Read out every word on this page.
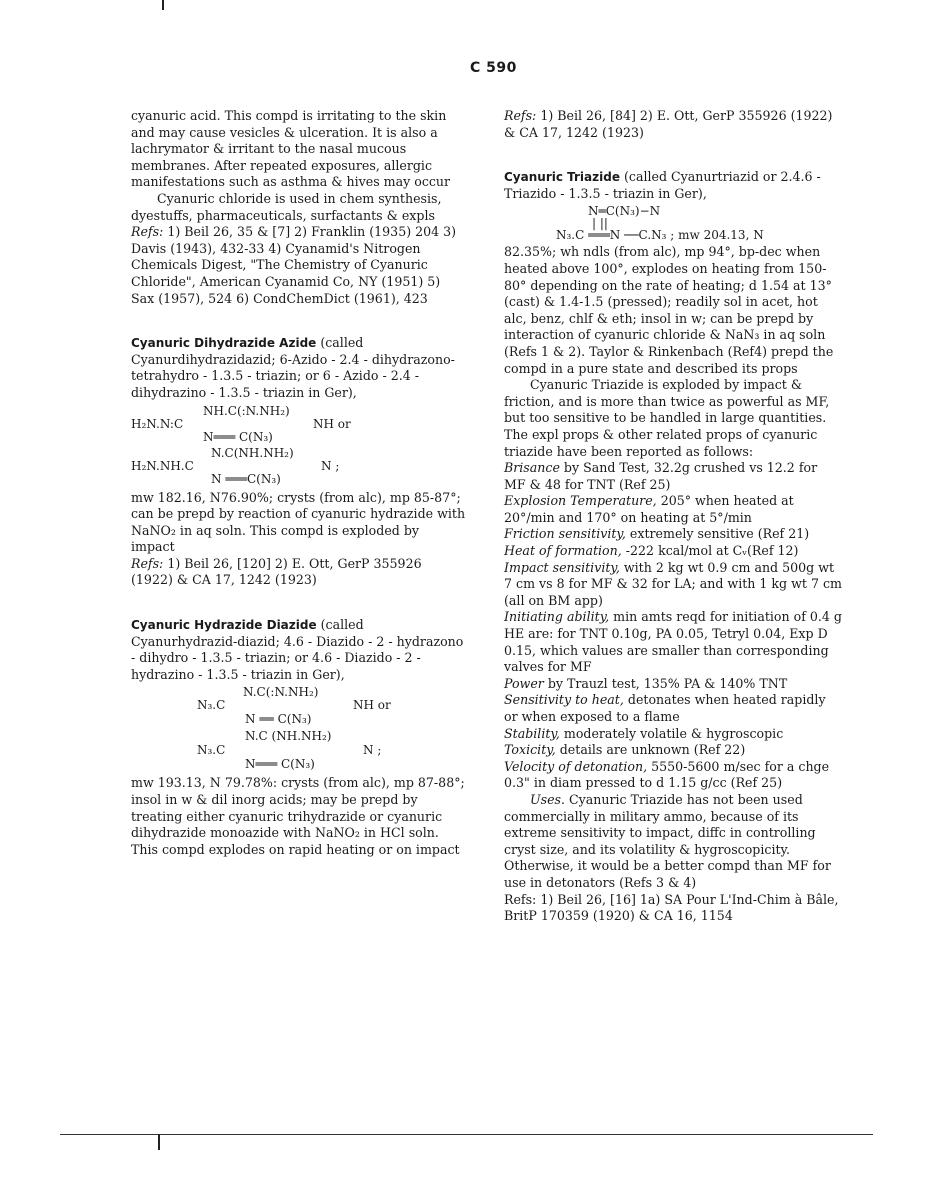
C 590

cyanuric acid. This compd is irritating to the skin and may cause vesicles & ulceration. It is also a lachrymator & irritant to the nasal mucous membranes. After repeated exposures, allergic manifestations such as asthma & hives may occur

Cyanuric chloride is used in chem synthesis, dyestuffs, pharmaceuticals, surfactants & expls

Refs: 1) Beil 26, 35 & [7] 2) Franklin (1935) 204 3) Davis (1943), 432-33 4) Cyanamid's Nitrogen Chemicals Digest, "The Chemistry of Cyanuric Chloride", American Cyanamid Co, NY (1951) 5) Sax (1957), 524 6) CondChemDict (1961), 423

Cyanuric Dihydrazide Azide (called Cyanurdihydrazidazid; 6-Azido - 2.4 - dihydrazono-tetrahydro - 1.3.5 - triazin; or 6 - Azido - 2.4 - dihydrazino - 1.3.5 - triazin in Ger),

NH.C(:N.NH₂)
H₂N.N:C	NH or
N═══ C(N₃)
N.C(NH.NH₂)
H₂N.NH.C	N ;
N ═══C(N₃)

mw 182.16, N76.90%; crysts (from alc), mp 85-87°; can be prepd by reaction of cyanuric hydrazide with NaNO₂ in aq soln. This compd is exploded by impact

Refs: 1) Beil 26, [120] 2) E. Ott, GerP 355926 (1922) & CA 17, 1242 (1923)

Cyanuric Hydrazide Diazide (called Cyanurhydrazid-diazid; 4.6 - Diazido - 2 - hydrazono - dihydro - 1.3.5 - triazin; or 4.6 - Diazido - 2 - hydrazino - 1.3.5 - triazin in Ger),

N.C(:N.NH₂)
N₃.C	NH or
N ══ C(N₃)
N.C (NH.NH₂)
N₃.C	N ;
N═══ C(N₃)

mw 193.13, N 79.78%: crysts (from alc), mp 87-88°; insol in w & dil inorg acids; may be prepd by treating either cyanuric trihydrazide or cyanuric dihydrazide monoazide with NaNO₂ in HCl soln. This compd explodes on rapid heating or on impact

Refs: 1) Beil 26, [84] 2) E. Ott, GerP 355926 (1922) & CA 17, 1242 (1923)

Cyanuric Triazide (called Cyanurtriazid or 2.4.6 -Triazido - 1.3.5 - triazin in Ger),

N═C(N₃)−N
| ||
N₃.C ═══N ──C.N₃ ; mw 204.13, N

82.35%; wh ndls (from alc), mp 94°, bp-dec when heated above 100°, explodes on heating from 150-80° depending on the rate of heating; d 1.54 at 13° (cast) & 1.4-1.5 (pressed); readily sol in acet, hot alc, benz, chlf & eth; insol in w; can be prepd by interaction of cyanuric chloride & NaN₃ in aq soln (Refs 1 & 2). Taylor & Rinkenbach (Ref4) prepd the compd in a pure state and described its props

Cyanuric Triazide is exploded by impact & friction, and is more than twice as powerful as MF, but too sensitive to be handled in large quantities. The expl props & other related props of cyanuric triazide have been reported as follows:

Brisance by Sand Test, 32.2g crushed vs 12.2 for MF & 48 for TNT (Ref 25)

Explosion Temperature, 205° when heated at 20°/min and 170° on heating at 5°/min

Friction sensitivity, extremely sensitive (Ref 21)

Heat of formation, -222 kcal/mol at Cᵥ(Ref 12)

Impact sensitivity, with 2 kg wt 0.9 cm and 500g wt 7 cm vs 8 for MF & 32 for LA; and with 1 kg wt 7 cm (all on BM app)

Initiating ability, min amts reqd for initiation of 0.4 g HE are: for TNT 0.10g, PA 0.05, Tetryl 0.04, Exp D 0.15, which values are smaller than corresponding valves for MF

Power by Trauzl test, 135% PA & 140% TNT

Sensitivity to heat, detonates when heated rapidly or when exposed to a flame

Stability, moderately volatile & hygroscopic

Toxicity, details are unknown (Ref 22)

Velocity of detonation, 5550-5600 m/sec for a chge 0.3" in diam pressed to d 1.15 g/cc (Ref 25)

Uses. Cyanuric Triazide has not been used commercially in military ammo, because of its extreme sensitivity to impact, diffc in controlling cryst size, and its volatility & hygroscopicity. Otherwise, it would be a better compd than MF for use in detonators (Refs 3 & 4)

Refs: 1) Beil 26, [16] 1a) SA Pour L'Ind-Chim à Bâle, BritP 170359 (1920) & CA 16, 1154
